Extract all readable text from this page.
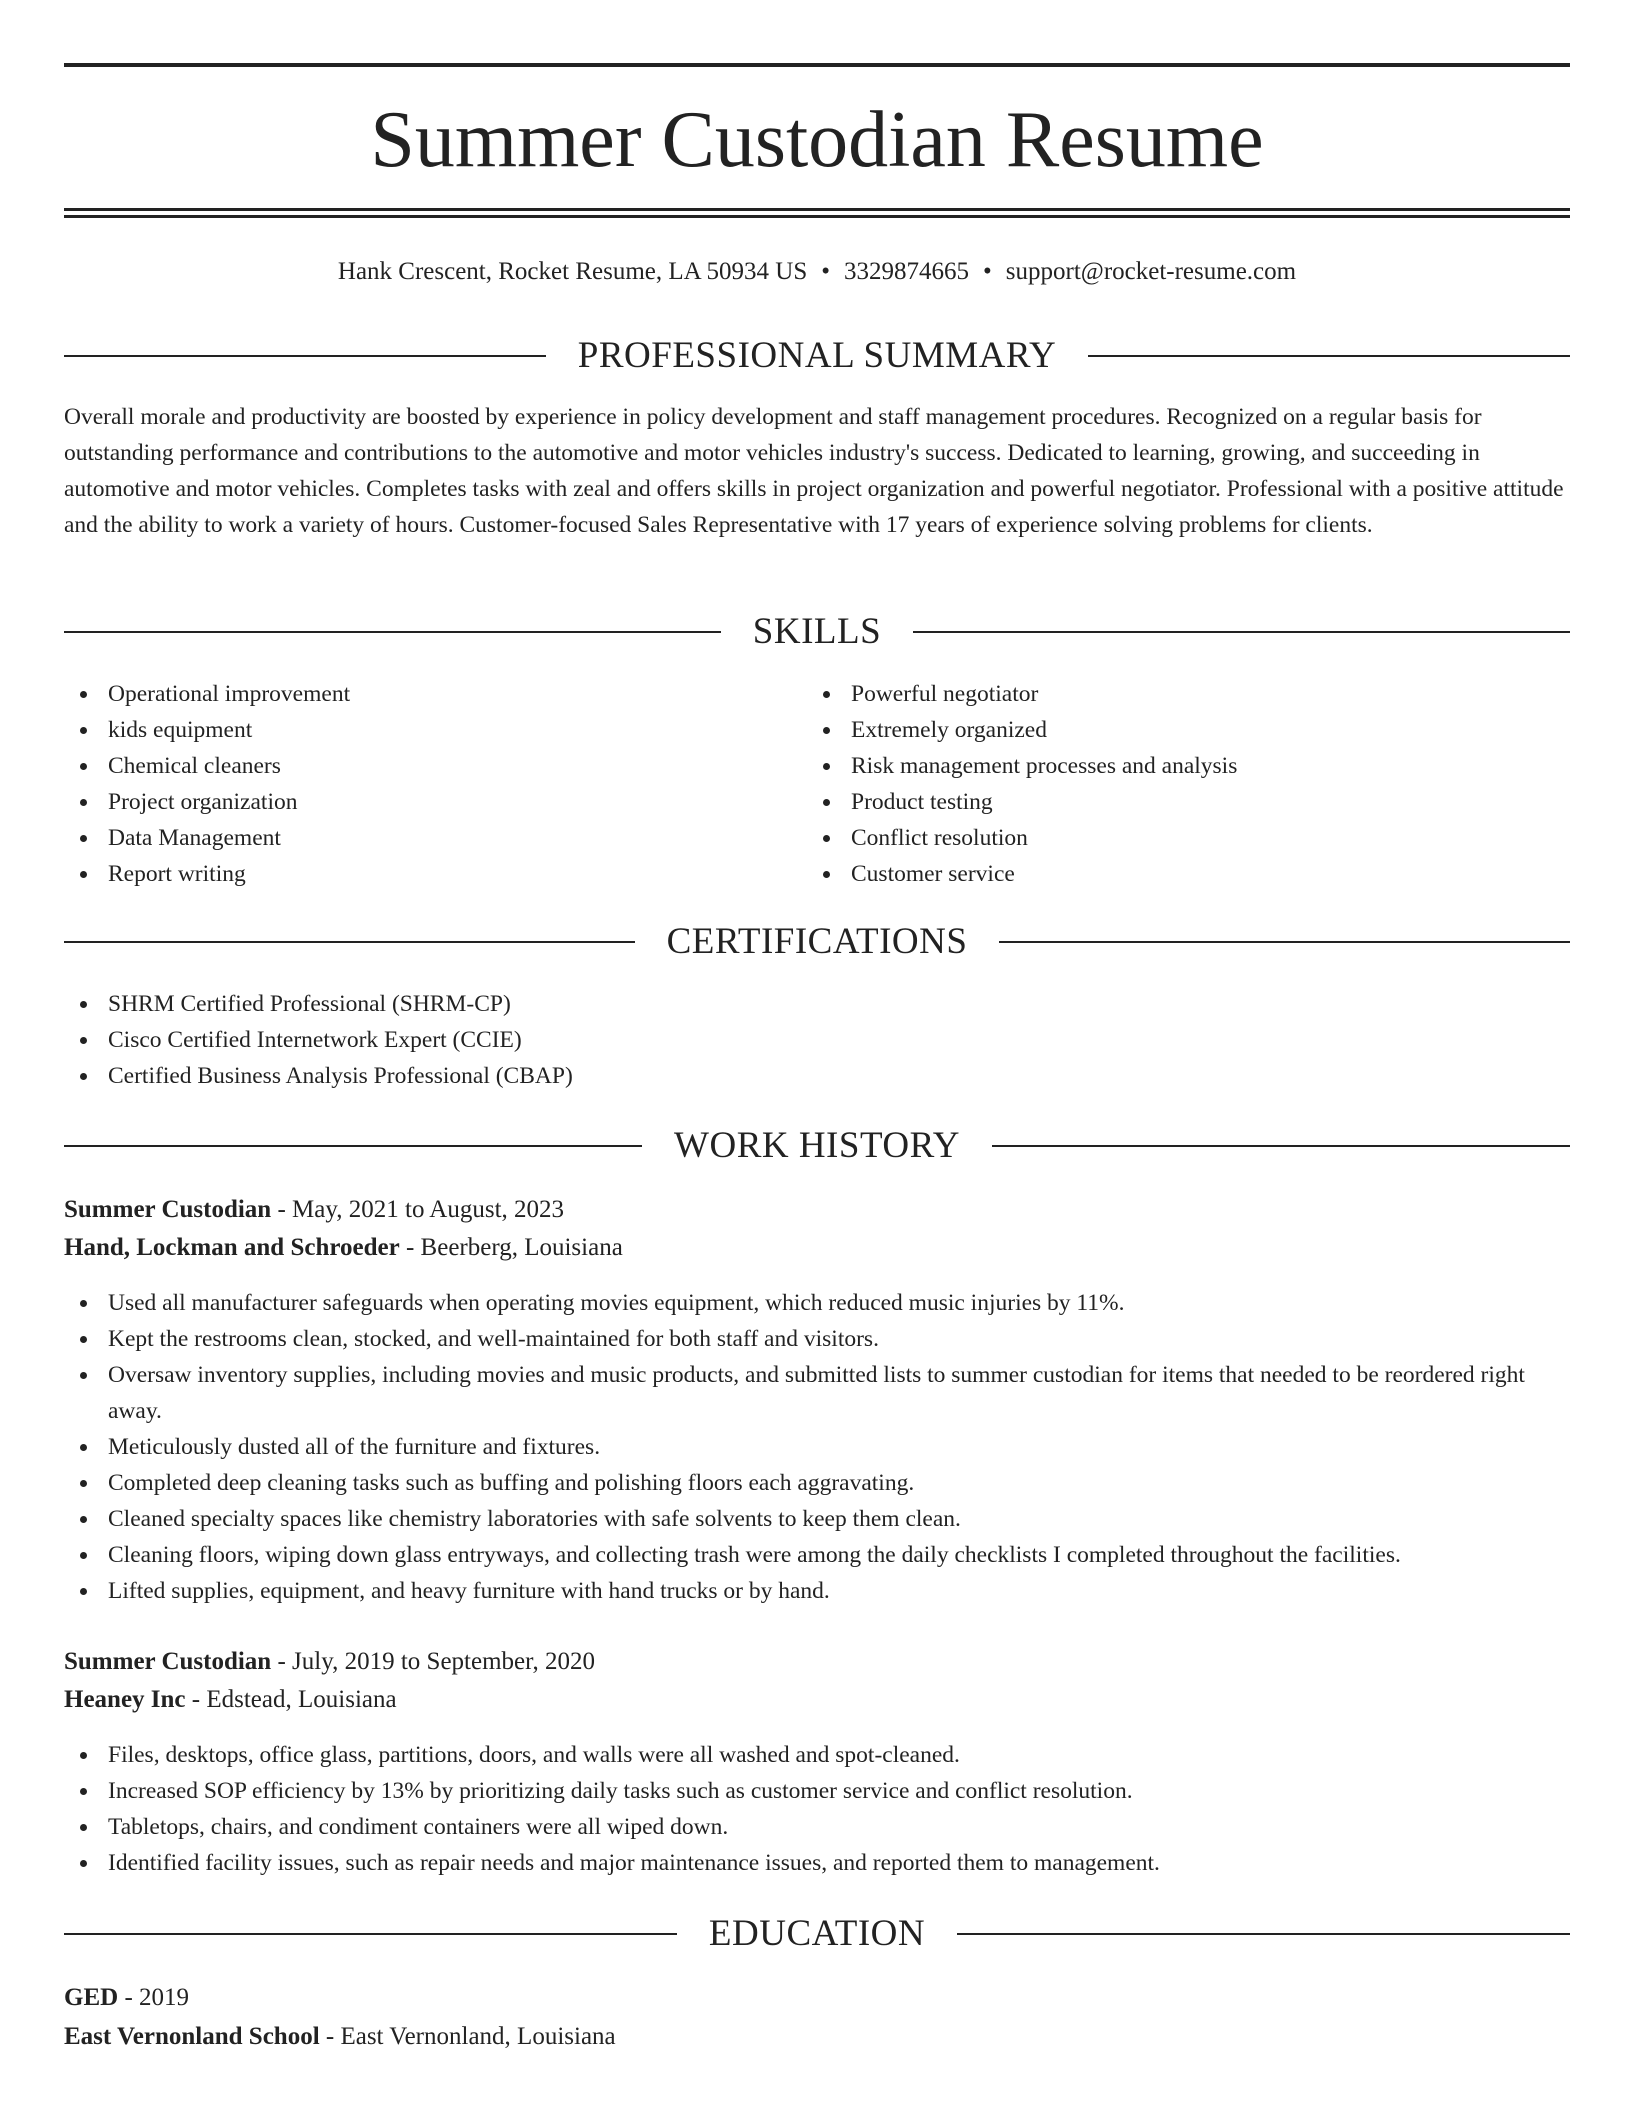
Summer Custodian Resume
Hank Crescent, Rocket Resume, LA 50934 US • 3329874665 • support@rocket-resume.com
PROFESSIONAL SUMMARY

Overall morale and productivity are boosted by experience in policy development and staff management procedures. Recognized on a regular basis for outstanding performance and contributions to the automotive and motor vehicles industry's success. Dedicated to learning, growing, and succeeding in automotive and motor vehicles. Completes tasks with zeal and offers skills in project organization and powerful negotiator. Professional with a positive attitude and the ability to work a variety of hours. Customer-focused Sales Representative with 17 years of experience solving problems for clients.

SKILLS
Operational improvement
kids equipment
Chemical cleaners
Project organization
Data Management
Report writing
Powerful negotiator
Extremely organized
Risk management processes and analysis
Product testing
Conflict resolution
Customer service
CERTIFICATIONS
SHRM Certified Professional (SHRM-CP)
Cisco Certified Internetwork Expert (CCIE)
Certified Business Analysis Professional (CBAP)
WORK HISTORY
Summer Custodian - May, 2021 to August, 2023
Hand, Lockman and Schroeder - Beerberg, Louisiana
Used all manufacturer safeguards when operating movies equipment, which reduced music injuries by 11%.
Kept the restrooms clean, stocked, and well-maintained for both staff and visitors.
Oversaw inventory supplies, including movies and music products, and submitted lists to summer custodian for items that needed to be reordered right away.
Meticulously dusted all of the furniture and fixtures.
Completed deep cleaning tasks such as buffing and polishing floors each aggravating.
Cleaned specialty spaces like chemistry laboratories with safe solvents to keep them clean.
Cleaning floors, wiping down glass entryways, and collecting trash were among the daily checklists I completed throughout the facilities.
Lifted supplies, equipment, and heavy furniture with hand trucks or by hand.
Summer Custodian - July, 2019 to September, 2020
Heaney Inc - Edstead, Louisiana
Files, desktops, office glass, partitions, doors, and walls were all washed and spot-cleaned.
Increased SOP efficiency by 13% by prioritizing daily tasks such as customer service and conflict resolution.
Tabletops, chairs, and condiment containers were all wiped down.
Identified facility issues, such as repair needs and major maintenance issues, and reported them to management.
EDUCATION
GED - 2019
East Vernonland School - East Vernonland, Louisiana
